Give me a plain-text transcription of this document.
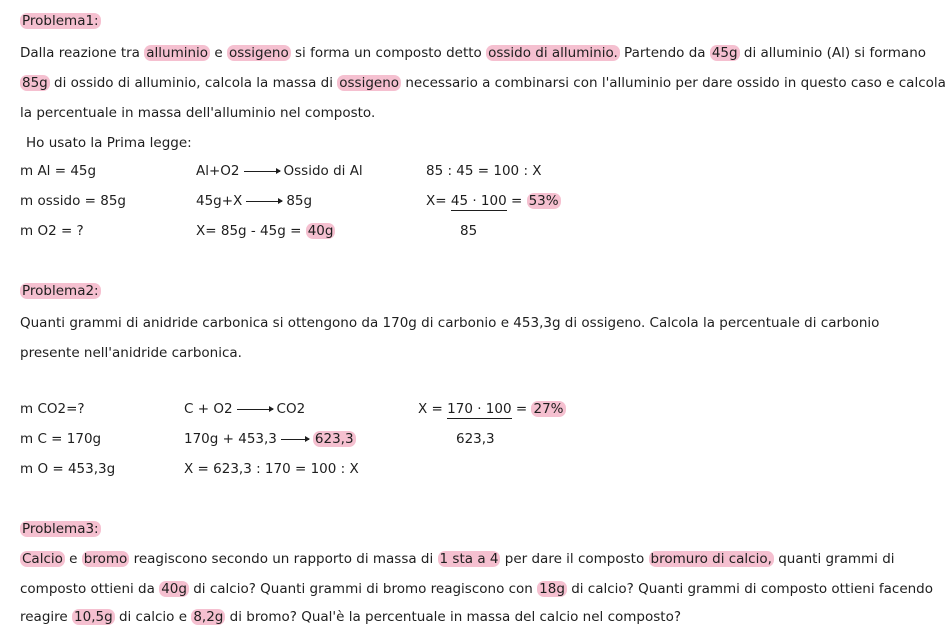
Problema1:
Dalla reazione tra alluminio e ossigeno si forma un composto detto ossido di alluminio. Partendo da 45g di alluminio (Al) si formano
85g di ossido di alluminio, calcola la massa di ossigeno necessario a combinarsi con l'alluminio per dare ossido in questo caso e calcola
la percentuale in massa dell'alluminio nel composto.
Ho usato la Prima legge:
m Al = 45g
m ossido = 85g
m O2 = ?
Al+O2 → Ossido di Al
45g+X → 85g
X= 85g - 45g = 40g
85 : 45 = 100 : X
X= 45 · 100 = 53%
85
Problema2:
Quanti grammi di anidride carbonica si ottengono da 170g di carbonio e 453,3g di ossigeno. Calcola la percentuale di carbonio
presente nell'anidride carbonica.
m CO2=?
m C = 170g
m O = 453,3g
C + O2 → CO2
170g + 453,3 → 623,3
X = 623,3 : 170 = 100 : X
X = 170 · 100 = 27%
623,3
Problema3:
Calcio e bromo reagiscono secondo un rapporto di massa di 1 sta a 4 per dare il composto bromuro di calcio, quanti grammi di
composto ottieni da 40g di calcio? Quanti grammi di bromo reagiscono con 18g di calcio? Quanti grammi di composto ottieni facendo
reagire 10,5g di calcio e 8,2g di bromo? Qual'è la percentuale in massa del calcio nel composto?
